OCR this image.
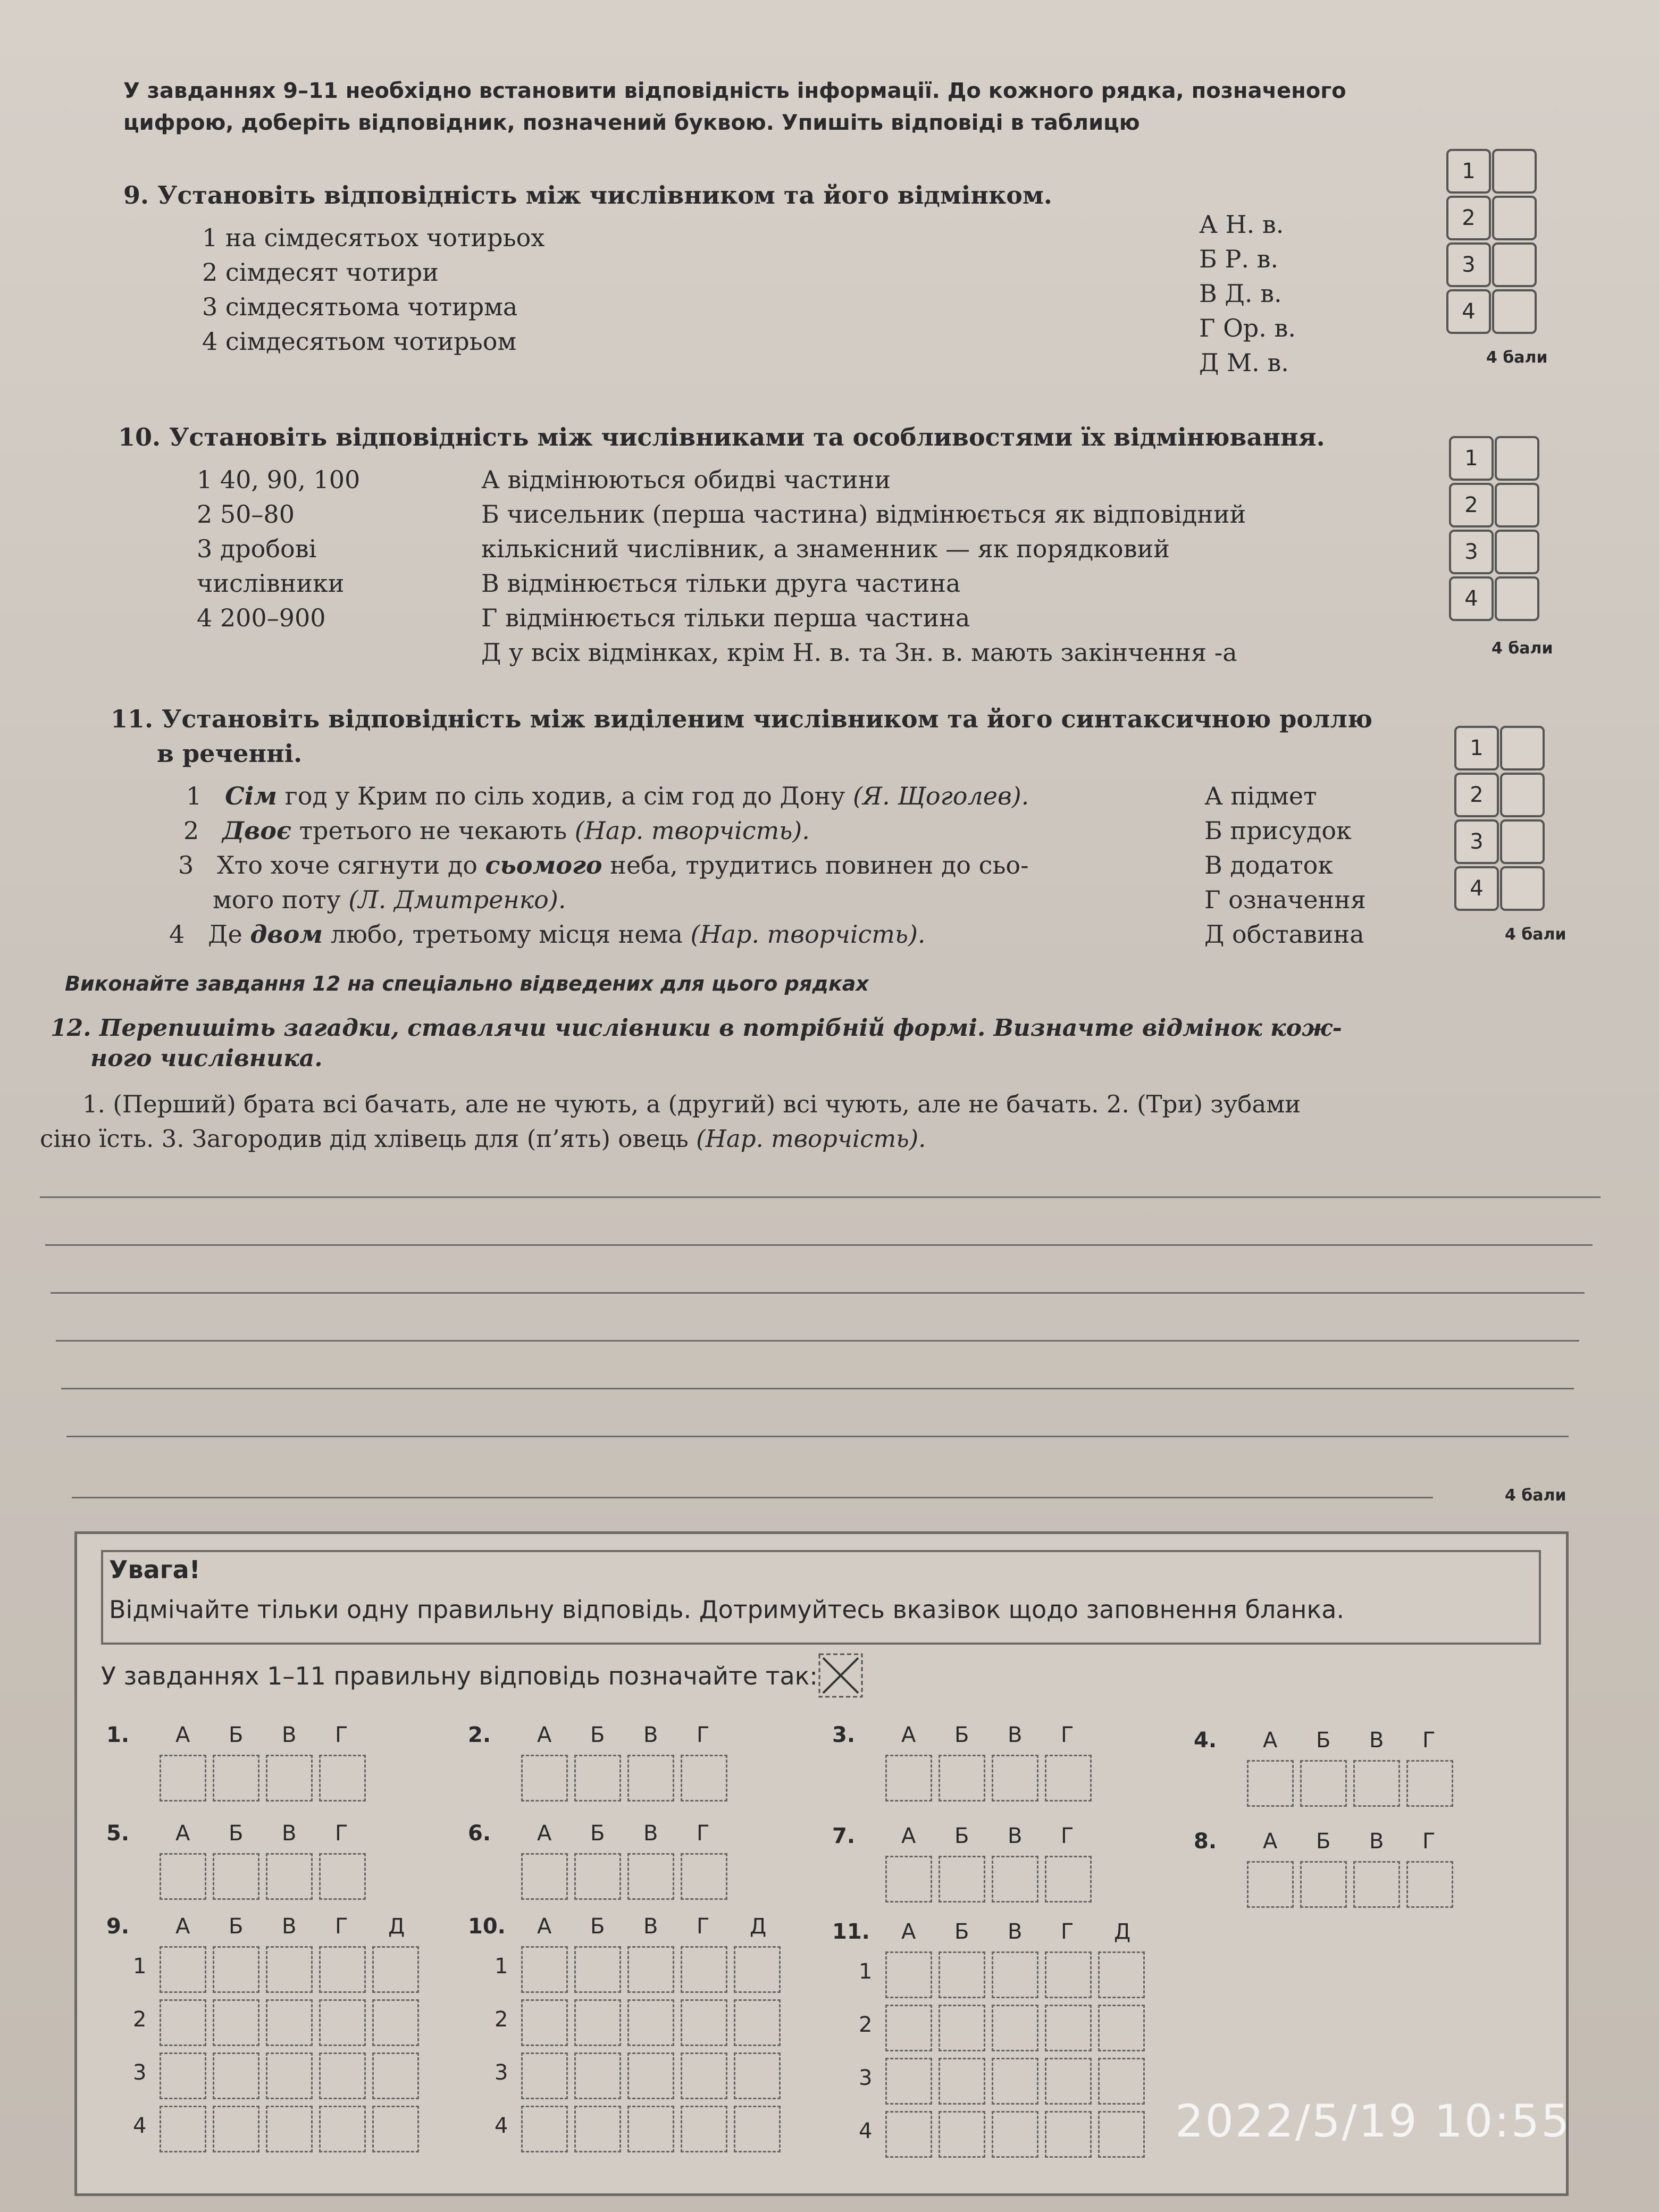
У завданнях 9–11 необхідно встановити відповідність інформації. До кожного рядка, позначеного
цифрою, доберіть відповідник, позначений буквою. Упишіть відповіді в таблицю
9. Установіть відповідність між числівником та його відмінком.
1 на сімдесятьох чотирьох
2 сімдесят чотири
3 сімдесятьома чотирма
4 сімдесятьом чотирьом
А Н. в.
Б Р. в.
В Д. в.
Г Ор. в.
Д М. в.
1
2
3
4
4 бали
10. Установіть відповідність між числівниками та особливостями їх відмінювання.
1 40, 90, 100
2 50–80
3 дробові
числівники
4 200–900
А відмінюються обидві частини
Б чисельник (перша частина) відмінюється як відповідний
кількісний числівник, а знаменник — як порядковий
В відмінюється тільки друга частина
Г відмінюється тільки перша частина
Д у всіх відмінках, крім Н. в. та Зн. в. мають закінчення -а
1
2
3
4
4 бали
11. Установіть відповідність між виділеним числівником та його синтаксичною роллю
в реченні.
1 Сім год у Крим по сіль ходив, а сім год до Дону (Я. Щоголев).
2 Двоє третього не чекають (Нар. творчість).
3 Хто хоче сягнути до сьомого неба, трудитись повинен до сьо-
мого поту (Л. Дмитренко).
4 Де двом любо, третьому місця нема (Нар. творчість).
А підмет
Б присудок
В додаток
Г означення
Д обставина
1
2
3
4
4 бали
Виконайте завдання 12 на спеціально відведених для цього рядках
12. Перепишіть загадки, ставлячи числівники в потрібній формі. Визначте відмінок кож-
ного числівника.
1. (Перший) брата всі бачать, але не чують, а (другий) всі чують, але не бачать. 2. (Три) зубами
сіно їсть. 3. Загородив дід хлівець для (п’ять) овець (Нар. творчість).
4 бали
Увага!
Відмічайте тільки одну правильну відповідь. Дотримуйтесь вказівок щодо заповнення бланка.
У завданнях 1–11 правильну відповідь позначайте так:
1. А Б В Г	2. А Б В Г	3. А Б В Г	4. А Б В Г
5. А Б В Г	6. А Б В Г	7. А Б В Г	8. А Б В Г
9. А Б В Г Д
1
2
3
4
10. А Б В Г Д
1
2
3
4
11. А Б В Г Д
1
2
3
4	2022/5/19 10:55
